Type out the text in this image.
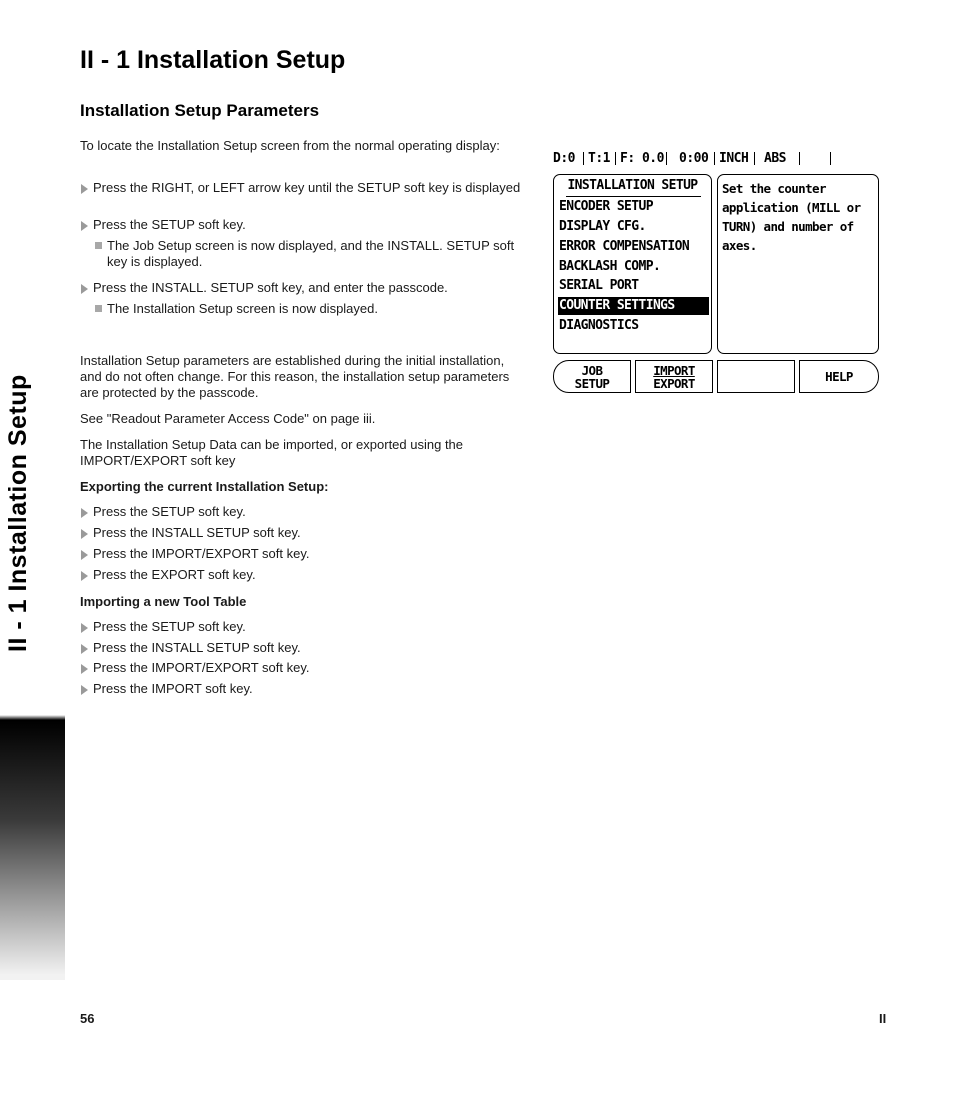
II - 1 Installation Setup
II - 1 Installation Setup
Installation Setup Parameters

To locate the Installation Setup screen from the normal operating display:

Press the RIGHT, or LEFT arrow key until the SETUP soft key is displayed
Press the SETUP soft key.
The Job Setup screen is now displayed, and the INSTALL. SETUP soft key is displayed.
Press the INSTALL. SETUP soft key, and enter the passcode.
The Installation Setup screen is now displayed.

Installation Setup parameters are established during the initial installation, and do not often change. For this reason, the installation setup parameters are protected by the passcode.

See "Readout Parameter Access Code" on page iii.

The Installation Setup Data can be imported, or exported using the IMPORT/EXPORT soft key

Exporting the current Installation Setup:

Press the SETUP soft key.
Press the INSTALL SETUP soft key.
Press the IMPORT/EXPORT soft key.
Press the EXPORT soft key.

Importing a new Tool Table

Press the SETUP soft key.
Press the INSTALL SETUP soft key.
Press the IMPORT/EXPORT soft key.
Press the IMPORT soft key.

D:0

T:1

F: 0.0

0:00

INCH

ABS

INSTALLATION SETUP
ENCODER SETUP
DISPLAY CFG.
ERROR COMPENSATION
BACKLASH COMP.
SERIAL PORT
COUNTER SETTINGS
DIAGNOSTICS
Set the counter application (MILL or TURN) and number of axes.
JOB
SETUP
IMPORT
EXPORT	HELP
56	II
